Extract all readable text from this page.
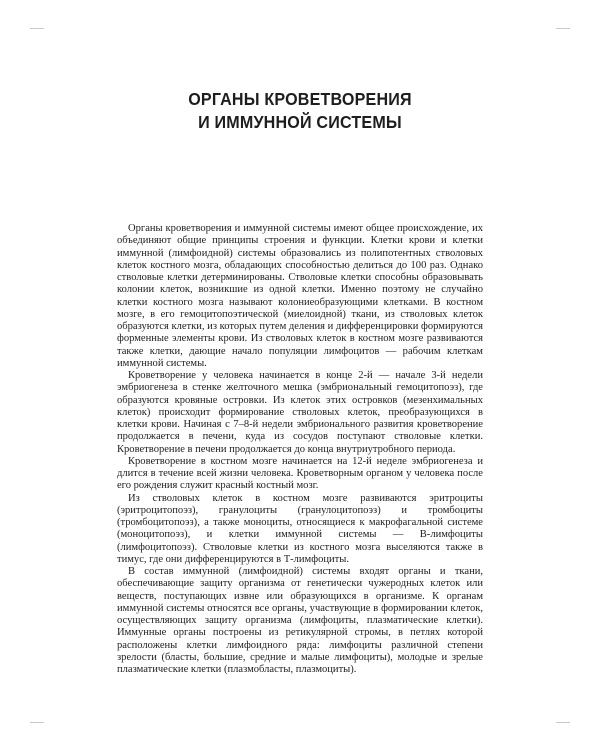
ОРГАНЫ КРОВЕТВОРЕНИЯ
И ИММУННОЙ СИСТЕМЫ

Органы кроветворения и иммунной системы имеют общее происхождение, их объединяют общие принципы строения и функции. Клетки крови и клетки иммунной (лимфоидной) системы образовались из полипотентных стволовых клеток костного мозга, обладающих способностью делиться до 100 раз. Однако стволовые клетки детерминированы. Стволовые клетки способны образовывать колонии клеток, возникшие из одной клетки. Именно поэтому не случайно клетки костного мозга называют колониеобразующими клетками. В костном мозге, в его гемоцитопоэтической (миелоидной) ткани, из стволовых клеток образуются клетки, из которых путем деления и дифференцировки формируются форменные элементы крови. Из стволовых клеток в костном мозге развиваются также клетки, дающие начало популяции лимфоцитов — рабочим клеткам иммунной системы.

Кроветворение у человека начинается в конце 2-й — начале 3-й недели эмбриогенеза в стенке желточного мешка (эмбриональный гемоцитопоэз), где образуются кровяные островки. Из клеток этих островков (мезенхимальных клеток) происходит формирование стволовых клеток, преобразующихся в клетки крови. Начиная с 7–8-й недели эмбрионального развития кроветворение продолжается в печени, куда из сосудов поступают стволовые клетки. Кроветворение в печени продолжается до конца внутриутробного периода.

Кроветворение в костном мозге начинается на 12-й неделе эмбриогенеза и длится в течение всей жизни человека. Кроветворным органом у человека после его рождения служит красный костный мозг.

Из стволовых клеток в костном мозге развиваются эритроциты (эритроцитопоэз), гранулоциты (гранулоцитопоэз) и тромбоциты (тромбоцитопоэз), а также моноциты, относящиеся к макрофагальной системе (моноцитопоэз), и клетки иммунной системы — В-лимфоциты (лимфоцитопоэз). Стволовые клетки из костного мозга выселяются также в тимус, где они дифференцируются в Т-лимфоциты.

В состав иммунной (лимфоидной) системы входят органы и ткани, обеспечивающие защиту организма от генетически чужеродных клеток или веществ, поступающих извне или образующихся в организме. К органам иммунной системы относятся все органы, участвующие в формировании клеток, осуществляющих защиту организма (лимфоциты, плазматические клетки). Иммунные органы построены из ретикулярной стромы, в петлях которой расположены клетки лимфоидного ряда: лимфоциты различной степени зрелости (бласты, большие, средние и малые лимфоциты), молодые и зрелые плазматические клетки (плазмобласты, плазмоциты).
